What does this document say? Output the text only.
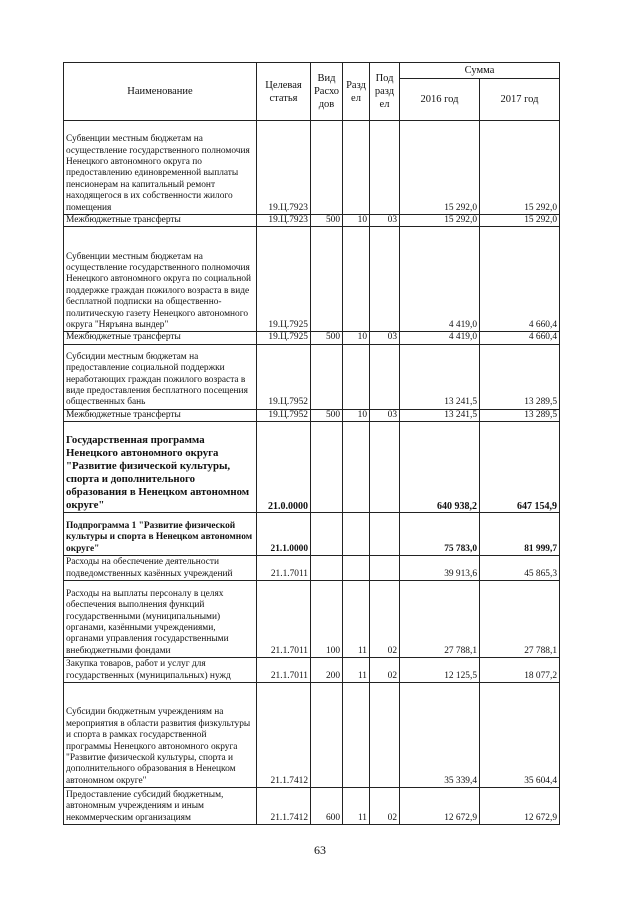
Наименование	Целевая статья	Вид Расхо дов	Разд ел	Под разд ел	Сумма	
					2016 год	2017 год
Субвенции местным бюджетам на осуществление государственного полномочия Ненецкого автономного округа по предоставлению единовременной выплаты пенсионерам на капитальный ремонт находящегося в их собственности жилого помещения	19.Ц.7923				15 292,0	15 292,0
Межбюджетные трансферты	19.Ц.7923	500	10	03	15 292,0	15 292,0
Субвенции местным бюджетам на осуществление государственного полномочия Ненецкого автономного округа по социальной поддержке граждан пожилого возраста в виде бесплатной подписки на общественно-политическую газету Ненецкого автономного округа "Няръяна вындер"	19.Ц.7925				4 419,0	4 660,4
Межбюджетные трансферты	19.Ц.7925	500	10	03	4 419,0	4 660,4
Субсидии местным бюджетам на предоставление социальной поддержки неработающих граждан пожилого возраста в виде предоставления бесплатного посещения общественных бань	19.Ц.7952				13 241,5	13 289,5
Межбюджетные трансферты	19.Ц.7952	500	10	03	13 241,5	13 289,5
Государственная программа Ненецкого автономного округа "Развитие физической культуры, спорта и дополнительного образования в Ненецком автономном округе"	21.0.0000				640 938,2	647 154,9
Подпрограмма 1 "Развитие физической культуры и спорта в Ненецком автономном округе"	21.1.0000				75 783,0	81 999,7
Расходы на обеспечение деятельности подведомственных казённых учреждений	21.1.7011				39 913,6	45 865,3
Расходы на выплаты персоналу в целях обеспечения выполнения функций государственными (муниципальными) органами, казёнными учреждениями, органами управления государственными внебюджетными фондами	21.1.7011	100	11	02	27 788,1	27 788,1
Закупка товаров, работ и услуг для государственных (муниципальных) нужд	21.1.7011	200	11	02	12 125,5	18 077,2
Субсидии бюджетным учреждениям на мероприятия в области развития физкультуры и спорта в рамках государственной программы Ненецкого автономного округа "Развитие физической культуры, спорта и дополнительного образования в Ненецком автономном округе"	21.1.7412				35 339,4	35 604,4
Предоставление субсидий бюджетным, автономным учреждениям и иным некоммерческим организациям	21.1.7412	600	11	02	12 672,9	12 672,9
63
